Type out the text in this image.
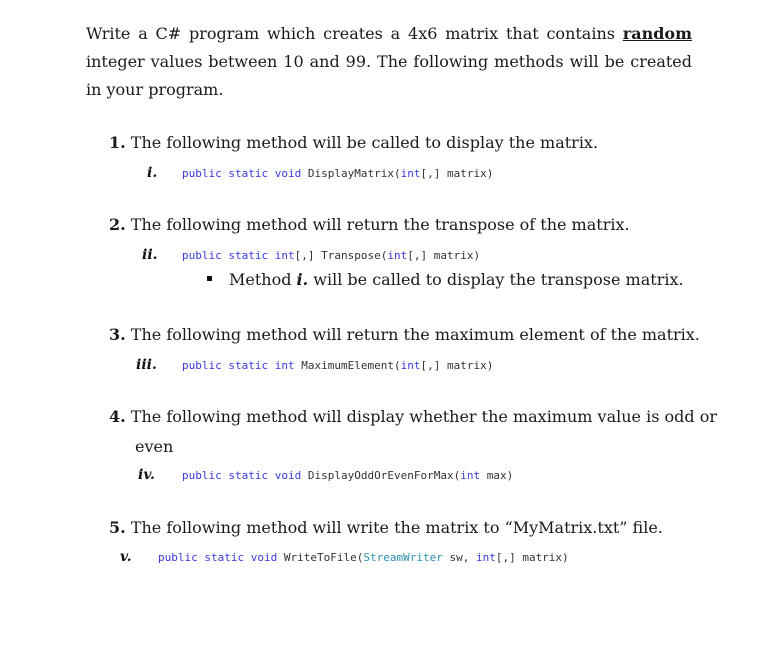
Write a C# program which creates a 4x6 matrix that contains random integer values between 10 and 99. The following methods will be created in your program.
1. The following method will be called to display the matrix.
i. public static void DisplayMatrix(int[,] matrix)
2. The following method will return the transpose of the matrix.
ii. public static int[,] Transpose(int[,] matrix)
Method i. will be called to display the transpose matrix.
3. The following method will return the maximum element of the matrix.
iii. public static int MaximumElement(int[,] matrix)
4. The following method will display whether the maximum value is odd or
even
iv. public static void DisplayOddOrEvenForMax(int max)
5. The following method will write the matrix to “MyMatrix.txt” file.
v. public static void WriteToFile(StreamWriter sw, int[,] matrix)
